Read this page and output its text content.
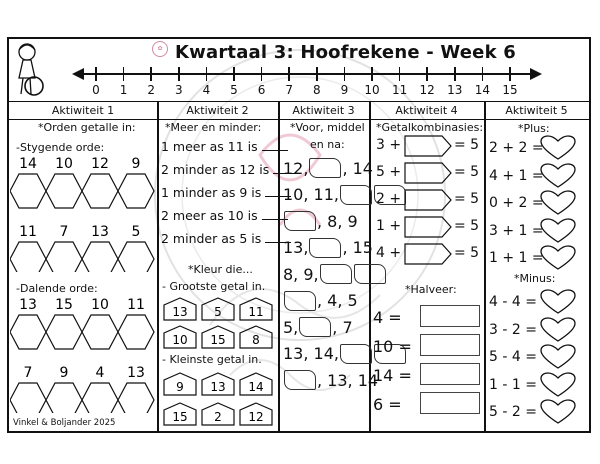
✿ Kwartaal 3: Hoofrekene - Week 6
0	1	2	3	4	5	6	7	8	9	10	11	12	13	14	15
Aktiwiteit 1	Aktiwiteit 2	Aktiwiteit 3	Aktiwiteit 4	Aktiwiteit 5
*Orden getalle in:
-Stygende orde:
14 10 12 9
11 7 13 5
-Dalende orde:
13 15 10 11
7 9 4 13
Vinkel & Boljander 2025
*Meer en minder:
1 meer as 11 is
2 minder as 12 is
1 minder as 9 is
2 meer as 10 is
2 minder as 5 is
*Kleur die...
- Grootste getal in.
- Kleinste getal in.
13 5 11
10 15 8
9 13 14
15 2 12
*Voor, middel
en na:
12, , 14
10, 11,
, 8, 9
13, , 15
8, 9,
, 4, 5
5, , 7
13, 14,
, 13, 14
*Getalkombinasies:
3 +	= 5
5 +	= 5
2 +	= 5
1 +	= 5
4 +	= 5
*Halveer:
4 =
10 =
14 =
6 =
*Plus:
2 + 2 =
4 + 1 =
0 + 2 =
3 + 1 =
1 + 1 =
*Minus:
4 - 4 =
3 - 2 =
5 - 4 =
1 - 1 =
5 - 2 =
